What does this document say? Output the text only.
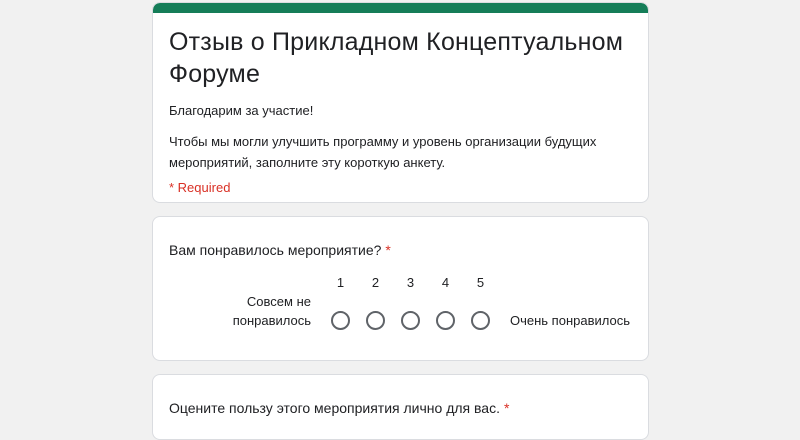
Отзыв о Прикладном Концептуальном Форуме
Благодарим за участие!
Чтобы мы могли улучшить программу и уровень организации будущих мероприятий, заполните эту короткую анкету.
* Required
Вам понравилось мероприятие? *
Совсем не понравилось
1 2 3 4 5
Очень понравилось
Оцените пользу этого мероприятия лично для вас. *
